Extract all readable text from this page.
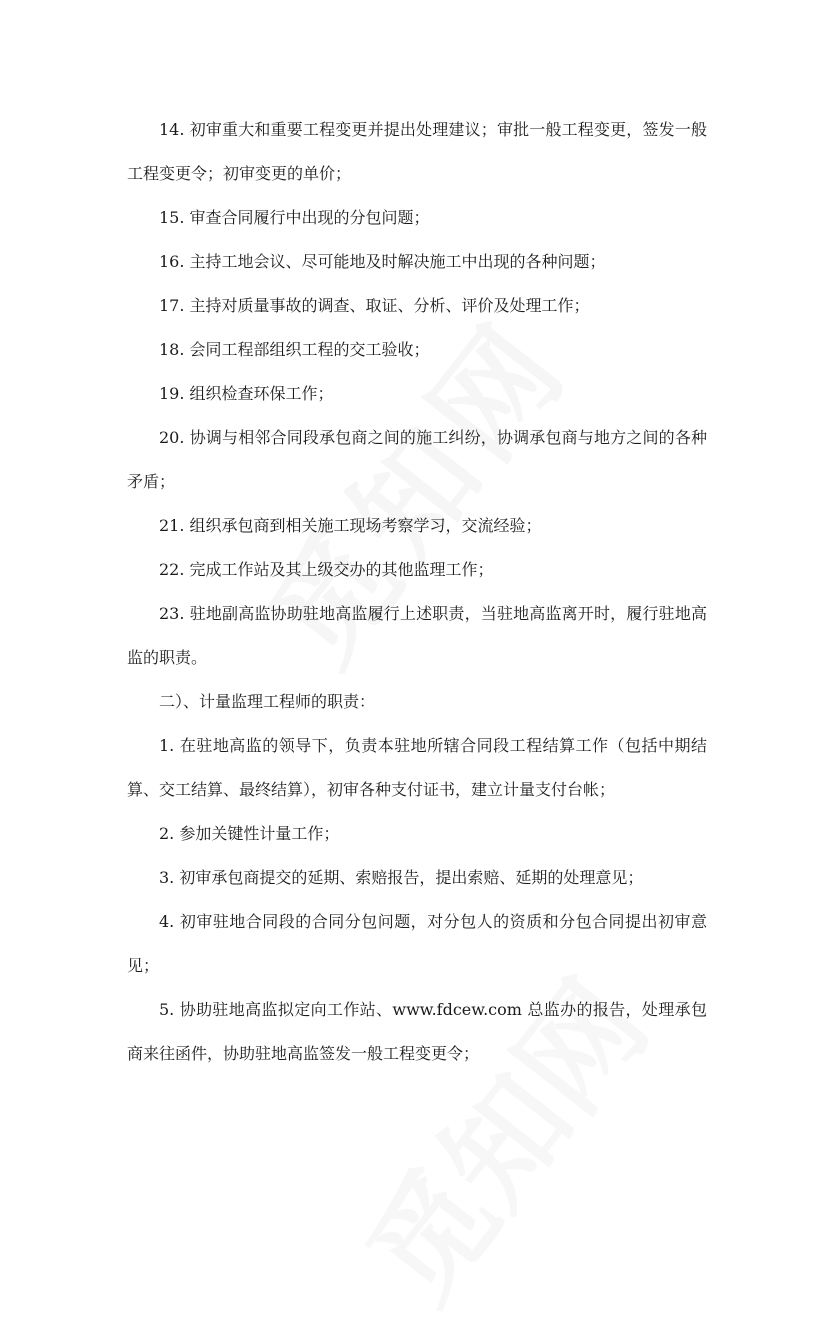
14. 初审重大和重要工程变更并提出处理建议；审批一般工程变更，签发一般工程变更令；初审变更的单价；

15. 审查合同履行中出现的分包问题；

16. 主持工地会议、尽可能地及时解决施工中出现的各种问题；

17. 主持对质量事故的调查、取证、分析、评价及处理工作；

18. 会同工程部组织工程的交工验收；

19. 组织检查环保工作；

20. 协调与相邻合同段承包商之间的施工纠纷，协调承包商与地方之间的各种矛盾；

21. 组织承包商到相关施工现场考察学习，交流经验；

22. 完成工作站及其上级交办的其他监理工作；

23. 驻地副高监协助驻地高监履行上述职责，当驻地高监离开时，履行驻地高监的职责。

二）、计量监理工程师的职责：

1. 在驻地高监的领导下，负责本驻地所辖合同段工程结算工作（包括中期结算、交工结算、最终结算），初审各种支付证书，建立计量支付台帐；

2. 参加关键性计量工作；

3. 初审承包商提交的延期、索赔报告，提出索赔、延期的处理意见；

4. 初审驻地合同段的合同分包问题，对分包人的资质和分包合同提出初审意见；

5. 协助驻地高监拟定向工作站、www.fdcew.com 总监办的报告，处理承包商来往函件，协助驻地高监签发一般工程变更令；
